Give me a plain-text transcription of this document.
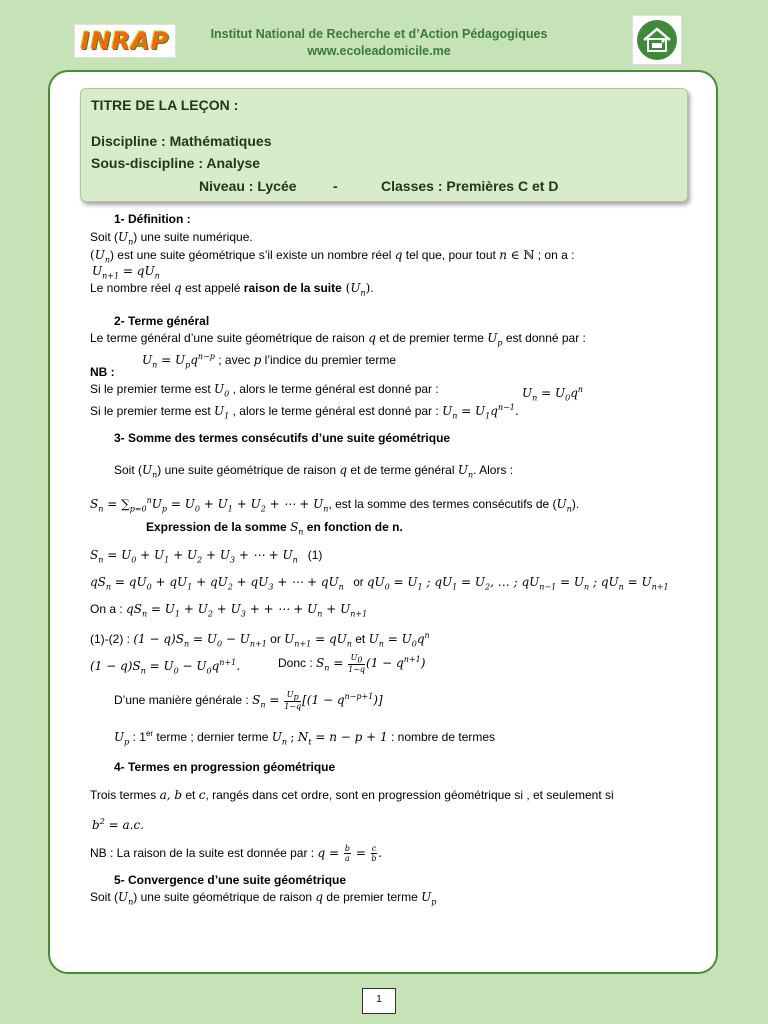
INRAP	Institut National de Recherche et d’Action Pédagogiques
www.ecoleadomicile.me
TITRE DE LA LEÇON :
Discipline : Mathématiques
Sous-discipline : Analyse
Niveau : Lycée	-	Classes : Premières C et D
1- Définition :
Soit $(U_n)$ une suite numérique.
$(U_n)$ est une suite géométrique s’il existe un nombre réel q tel que, pour tout n ∈ ℕ ; on a :
$U_{n+1} = qU_n$
Le nombre réel q est appelé raison de la suite $(U_n)$.
2- Terme général
Le terme général d’une suite géométrique de raison q et de premier terme $U_p$ est donné par :
$U_n = U_pq^{n-p}$ ; avec p l’indice du premier terme
NB :
Si le premier terme est $U_0$ , alors le terme général est donné par :	$U_n = U_0q^n$
Si le premier terme est $U_1$ , alors le terme général est donné par : $U_n = U_1q^{n-1}$.
3- Somme des termes consécutifs d’une suite géométrique
Soit $(U_n)$ une suite géométrique de raison q et de terme général $U_n$. Alors :
$S_n = \sum_{p=0}^nU_p = U_0 + U_1 + U_2$ + ⋯ + $U_n$, est la somme des termes consécutifs de $(U_n)$.
Expression de la somme $S_n$ en fonction de n.
$S_n = U_0 + U_1 + U_2 + U_3$ + ⋯ + $U_n$ (1)
$qS_n = qU_0 + qU_1 + qU_2 + qU_3$ + ⋯ + $qU_n$ or $qU_0 = U_1$ ; $qU_1 = U_2$, … ; $qU_{n-1} = U_n$ ; $qU_n = U_{n+1}$
On a : $qS_n = U_1 + U_2 + U_3$ + + ⋯ + $U_n + U_{n+1}$
(1)-(2) : $(1 - q)S_n = U_0 - U_{n+1}$ or $U_{n+1} = qU_n$ et $U_n = U_0q^n$
$(1 - q)S_n = U_0 - U_0q^{n+1}$.	Donc : $S_n = \frac{U_0}{1-q} (1 - q^{n+1})$
D’une manière générale : $S_n = \frac{U_p}{1-q} [(1 - q^{n-p+1})]$
$U_p$ : 1er terme ; dernier terme $U_n$ ; $N_t = n - p + 1$ : nombre de termes
4- Termes en progression géométrique
Trois termes a, b et c, rangés dans cet ordre, sont en progression géométrique si , et seulement si
$b^2 = a.c$.
NB : La raison de la suite est donnée par : $q = \frac{b}{a} = \frac{c}{b}$ .
5- Convergence d’une suite géométrique
Soit $(U_n)$ une suite géométrique de raison q de premier terme $U_p$
1
